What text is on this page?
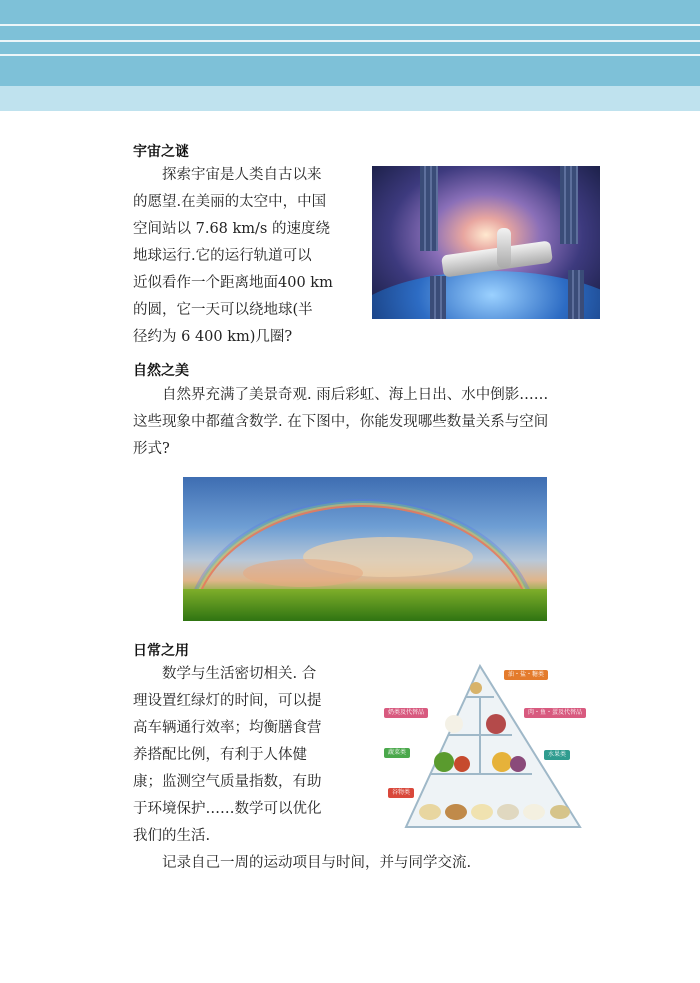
宇宙之谜
探索宇宙是人类自古以来
的愿望.在美丽的太空中，中国
空间站以 7.68 km/s 的速度绕
地球运行.它的运行轨道可以
近似看作一个距离地面400 km
的圆，它一天可以绕地球(半
径约为 6 400 km)几圈?
自然之美
自然界充满了美景奇观. 雨后彩虹、海上日出、水中倒影……
这些现象中都蕴含数学. 在下图中，你能发现哪些数量关系与空间
形式?
日常之用
数学与生活密切相关. 合
理设置红绿灯的时间，可以提
高车辆通行效率；均衡膳食营
养搭配比例，有利于人体健
康；监测空气质量指数，有助
于环境保护……数学可以优化
我们的生活.
记录自己一周的运动项目与时间，并与同学交流.
油・盐・糖类
奶类及代替品	肉・鱼・蛋及代替品
蔬菜类	水果类
谷物类
